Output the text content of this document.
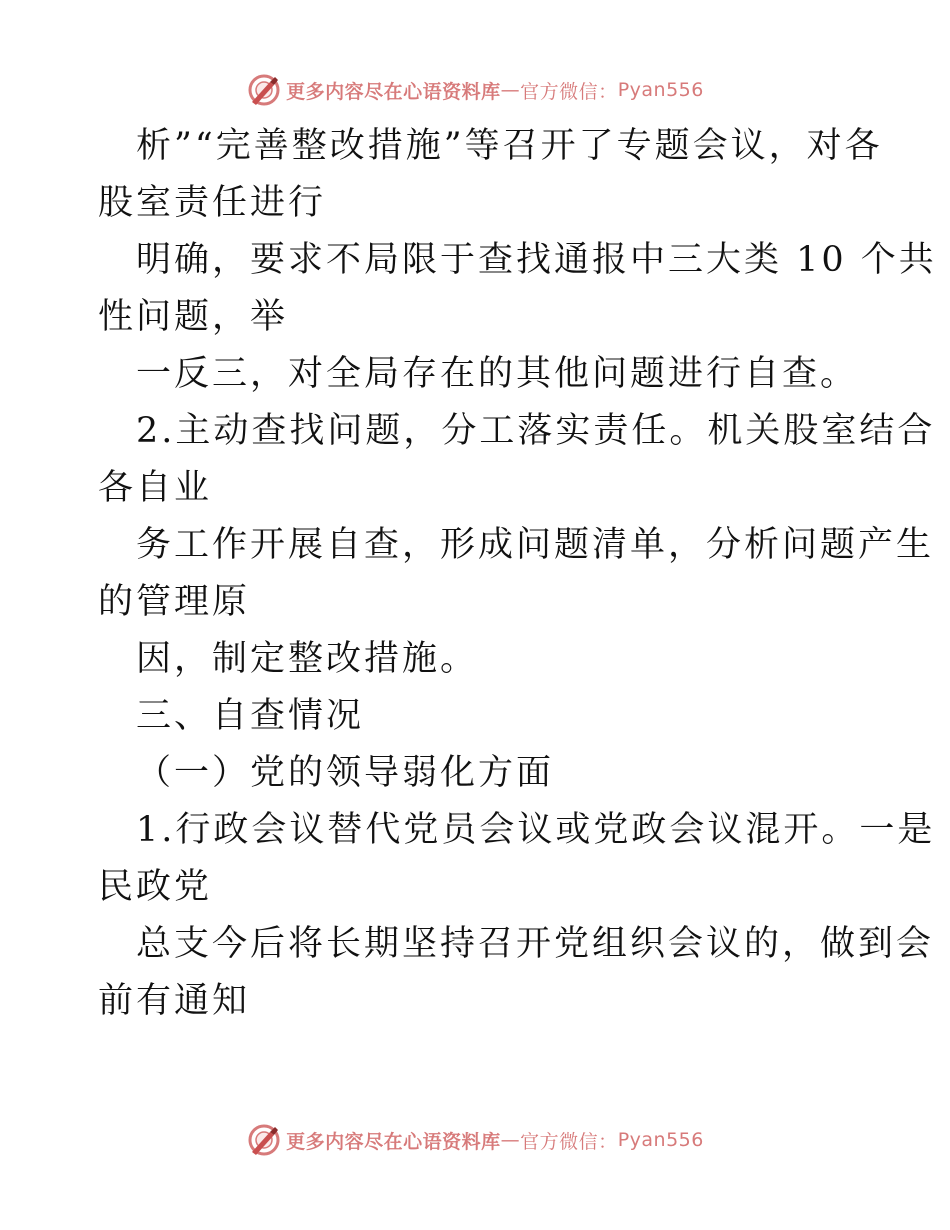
更多内容尽在心语资料库 — 官方微信： Pyan556
析”“完善整改措施”等召开了专题会议，对各
股室责任进行
明确，要求不局限于查找通报中三大类 10 个共
性问题，举
一反三，对全局存在的其他问题进行自查。
2.主动查找问题，分工落实责任。机关股室结合
各自业
务工作开展自查，形成问题清单，分析问题产生
的管理原
因，制定整改措施。
三、自查情况
（一）党的领导弱化方面
1.行政会议替代党员会议或党政会议混开。一是
民政党
总支今后将长期坚持召开党组织会议的，做到会
前有通知
更多内容尽在心语资料库 — 官方微信： Pyan556
